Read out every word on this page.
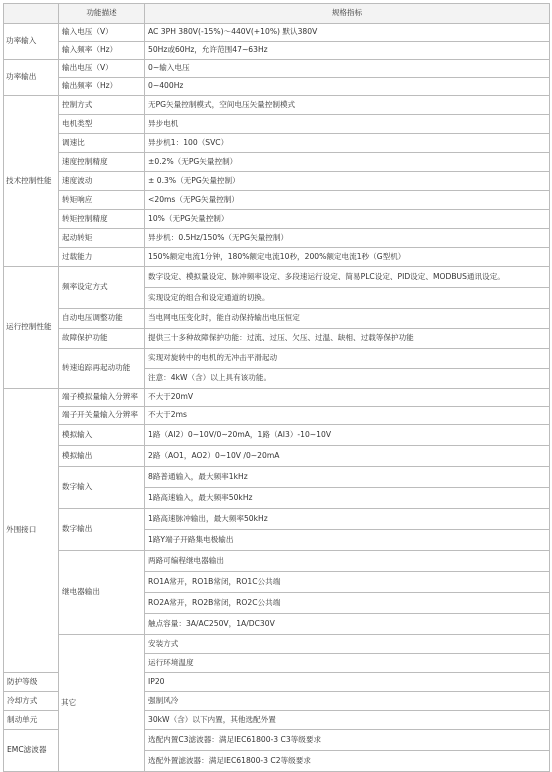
	功能描述	规格指标	
功率输入	输入电压（V）	AC 3PH 380V(-15%)～440V(+10%) 默认380V	
	输入频率（Hz）	50Hz或60Hz，允许范围47~63Hz	
功率输出	输出电压（V）	0~输入电压	
	输出频率（Hz）	0~400Hz	
技术控制性能	控制方式	无PG矢量控制模式，空间电压矢量控制模式	
	电机类型	异步电机	
	调速比	异步机1：100（SVC）	
	速度控制精度	±0.2%（无PG矢量控制）	
	速度波动	± 0.3%（无PG矢量控制）	
	转矩响应	<20ms（无PG矢量控制）	
	转矩控制精度	10%（无PG矢量控制）	
	起动转矩	异步机：0.5Hz/150%（无PG矢量控制）	
	过载能力	150%额定电流1分钟，180%额定电流10秒，200%额定电流1秒（G型机）	
运行控制性能	频率设定方式	数字设定、模拟量设定、脉冲频率设定、多段速运行设定、简易PLC设定、PID设定、MODBUS通讯设定。	
		实现设定的组合和设定通道的切换。	
	自动电压调整功能	当电网电压变化时，能自动保持输出电压恒定	
	故障保护功能	提供三十多种故障保护功能：过流、过压、欠压、过温、缺相、过载等保护功能	
	转速追踪再起动功能	实现对旋转中的电机的无冲击平滑起动	
		注意：4kW（含）以上具有该功能。	
外围接口	端子模拟量输入分辨率	不大于20mV	
	端子开关量输入分辨率	不大于2ms	
	模拟输入	1路（AI2）0~10V/0~20mA，1路（AI3）-10~10V	
	模拟输出	2路（AO1，AO2）0~10V /0~20mA	
	数字输入	8路普通输入，最大频率1kHz	
		1路高速输入，最大频率50kHz	
	数字输出	1路高速脉冲输出，最大频率50kHz	
		1路Y端子开路集电极输出	
	继电器输出	两路可编程继电器输出	
		RO1A常开，RO1B常闭，RO1C公共端	
		RO2A常开，RO2B常闭，RO2C公共端	
		触点容量：3A/AC250V，1A/DC30V	
	其它	安装方式	
		运行环境温度	
防护等级		IP20	
冷却方式		强制风冷	
制动单元		30kW（含）以下内置，其他选配外置	
EMC滤波器		选配内置C3滤波器：满足IEC61800-3 C3等级要求	
		选配外置滤波器：满足IEC61800-3 C2等级要求	
